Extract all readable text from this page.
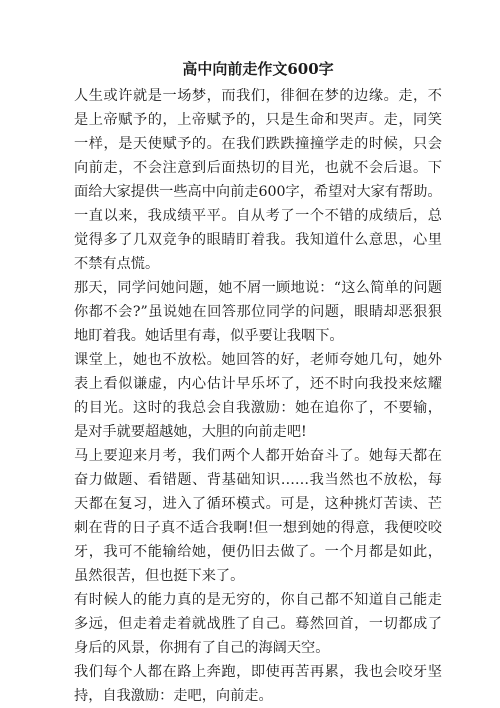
高中向前走作文600字

人生或许就是一场梦，而我们，徘徊在梦的边缘。走，不是上帝赋予的，上帝赋予的，只是生命和哭声。走，同笑一样，是天使赋予的。在我们跌跌撞撞学走的时候，只会向前走，不会注意到后面热切的目光，也就不会后退。下面给大家提供一些高中向前走600字，希望对大家有帮助。

一直以来，我成绩平平。自从考了一个不错的成绩后，总觉得多了几双竞争的眼睛盯着我。我知道什么意思，心里不禁有点慌。

那天，同学问她问题，她不屑一顾地说：“这么简单的问题你都不会?”虽说她在回答那位同学的问题，眼睛却恶狠狠地盯着我。她话里有毒，似乎要让我咽下。

课堂上，她也不放松。她回答的好，老师夸她几句，她外表上看似谦虚，内心估计早乐坏了，还不时向我投来炫耀的目光。这时的我总会自我激励：她在追你了，不要输，是对手就要超越她，大胆的向前走吧!

马上要迎来月考，我们两个人都开始奋斗了。她每天都在奋力做题、看错题、背基础知识……我当然也不放松，每天都在复习，进入了循环模式。可是，这种挑灯苦读、芒刺在背的日子真不适合我啊!但一想到她的得意，我便咬咬牙，我可不能输给她，便仍旧去做了。一个月都是如此，虽然很苦，但也挺下来了。

有时候人的能力真的是无穷的，你自己都不知道自己能走多远，但走着走着就战胜了自己。蓦然回首，一切都成了身后的风景，你拥有了自己的海阔天空。

我们每个人都在路上奔跑，即使再苦再累，我也会咬牙坚持，自我激励：走吧，向前走。
